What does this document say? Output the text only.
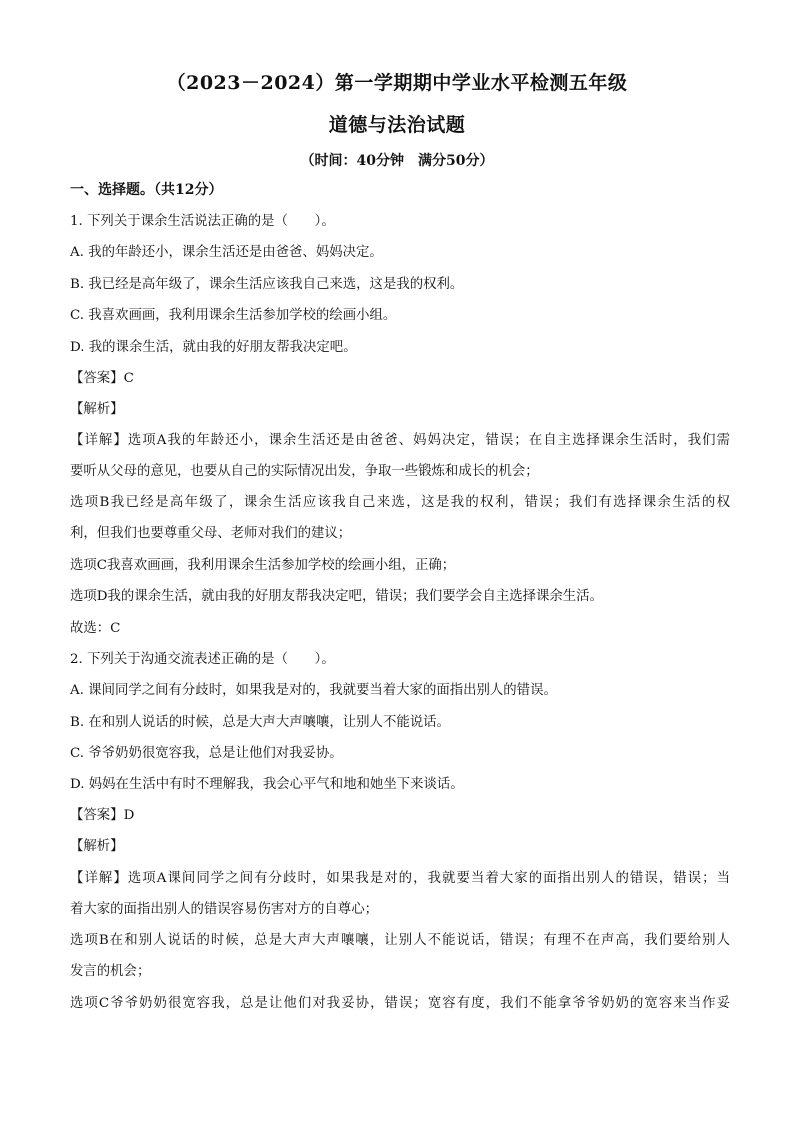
（2023－2024）第一学期期中学业水平检测五年级
道德与法治试题
（时间：40分钟　满分50分）
一、选择题。（共12分）
1. 下列关于课余生活说法正确的是（　　）。
A. 我的年龄还小，课余生活还是由爸爸、妈妈决定。
B. 我已经是高年级了，课余生活应该我自己来选，这是我的权利。
C. 我喜欢画画，我利用课余生活参加学校的绘画小组。
D. 我的课余生活，就由我的好朋友帮我决定吧。
【答案】C
【解析】
【详解】选项A我的年龄还小，课余生活还是由爸爸、妈妈决定，错误；在自主选择课余生活时，我们需
要听从父母的意见，也要从自己的实际情况出发，争取一些锻炼和成长的机会；
选项B我已经是高年级了，课余生活应该我自己来选，这是我的权利，错误；我们有选择课余生活的权
利，但我们也要尊重父母、老师对我们的建议；
选项C我喜欢画画，我利用课余生活参加学校的绘画小组，正确；
选项D我的课余生活，就由我的好朋友帮我决定吧，错误；我们要学会自主选择课余生活。
故选：C
2. 下列关于沟通交流表述正确的是（　　）。
A. 课间同学之间有分歧时，如果我是对的，我就要当着大家的面指出别人的错误。
B. 在和别人说话的时候，总是大声大声嚷嚷，让别人不能说话。
C. 爷爷奶奶很宽容我，总是让他们对我妥协。
D. 妈妈在生活中有时不理解我，我会心平气和地和她坐下来谈话。
【答案】D
【解析】
【详解】选项A课间同学之间有分歧时，如果我是对的，我就要当着大家的面指出别人的错误，错误；当
着大家的面指出别人的错误容易伤害对方的自尊心；
选项B在和别人说话的时候，总是大声大声嚷嚷，让别人不能说话，错误；有理不在声高，我们要给别人
发言的机会；
选项C爷爷奶奶很宽容我，总是让他们对我妥协，错误；宽容有度，我们不能拿爷爷奶奶的宽容来当作妥
